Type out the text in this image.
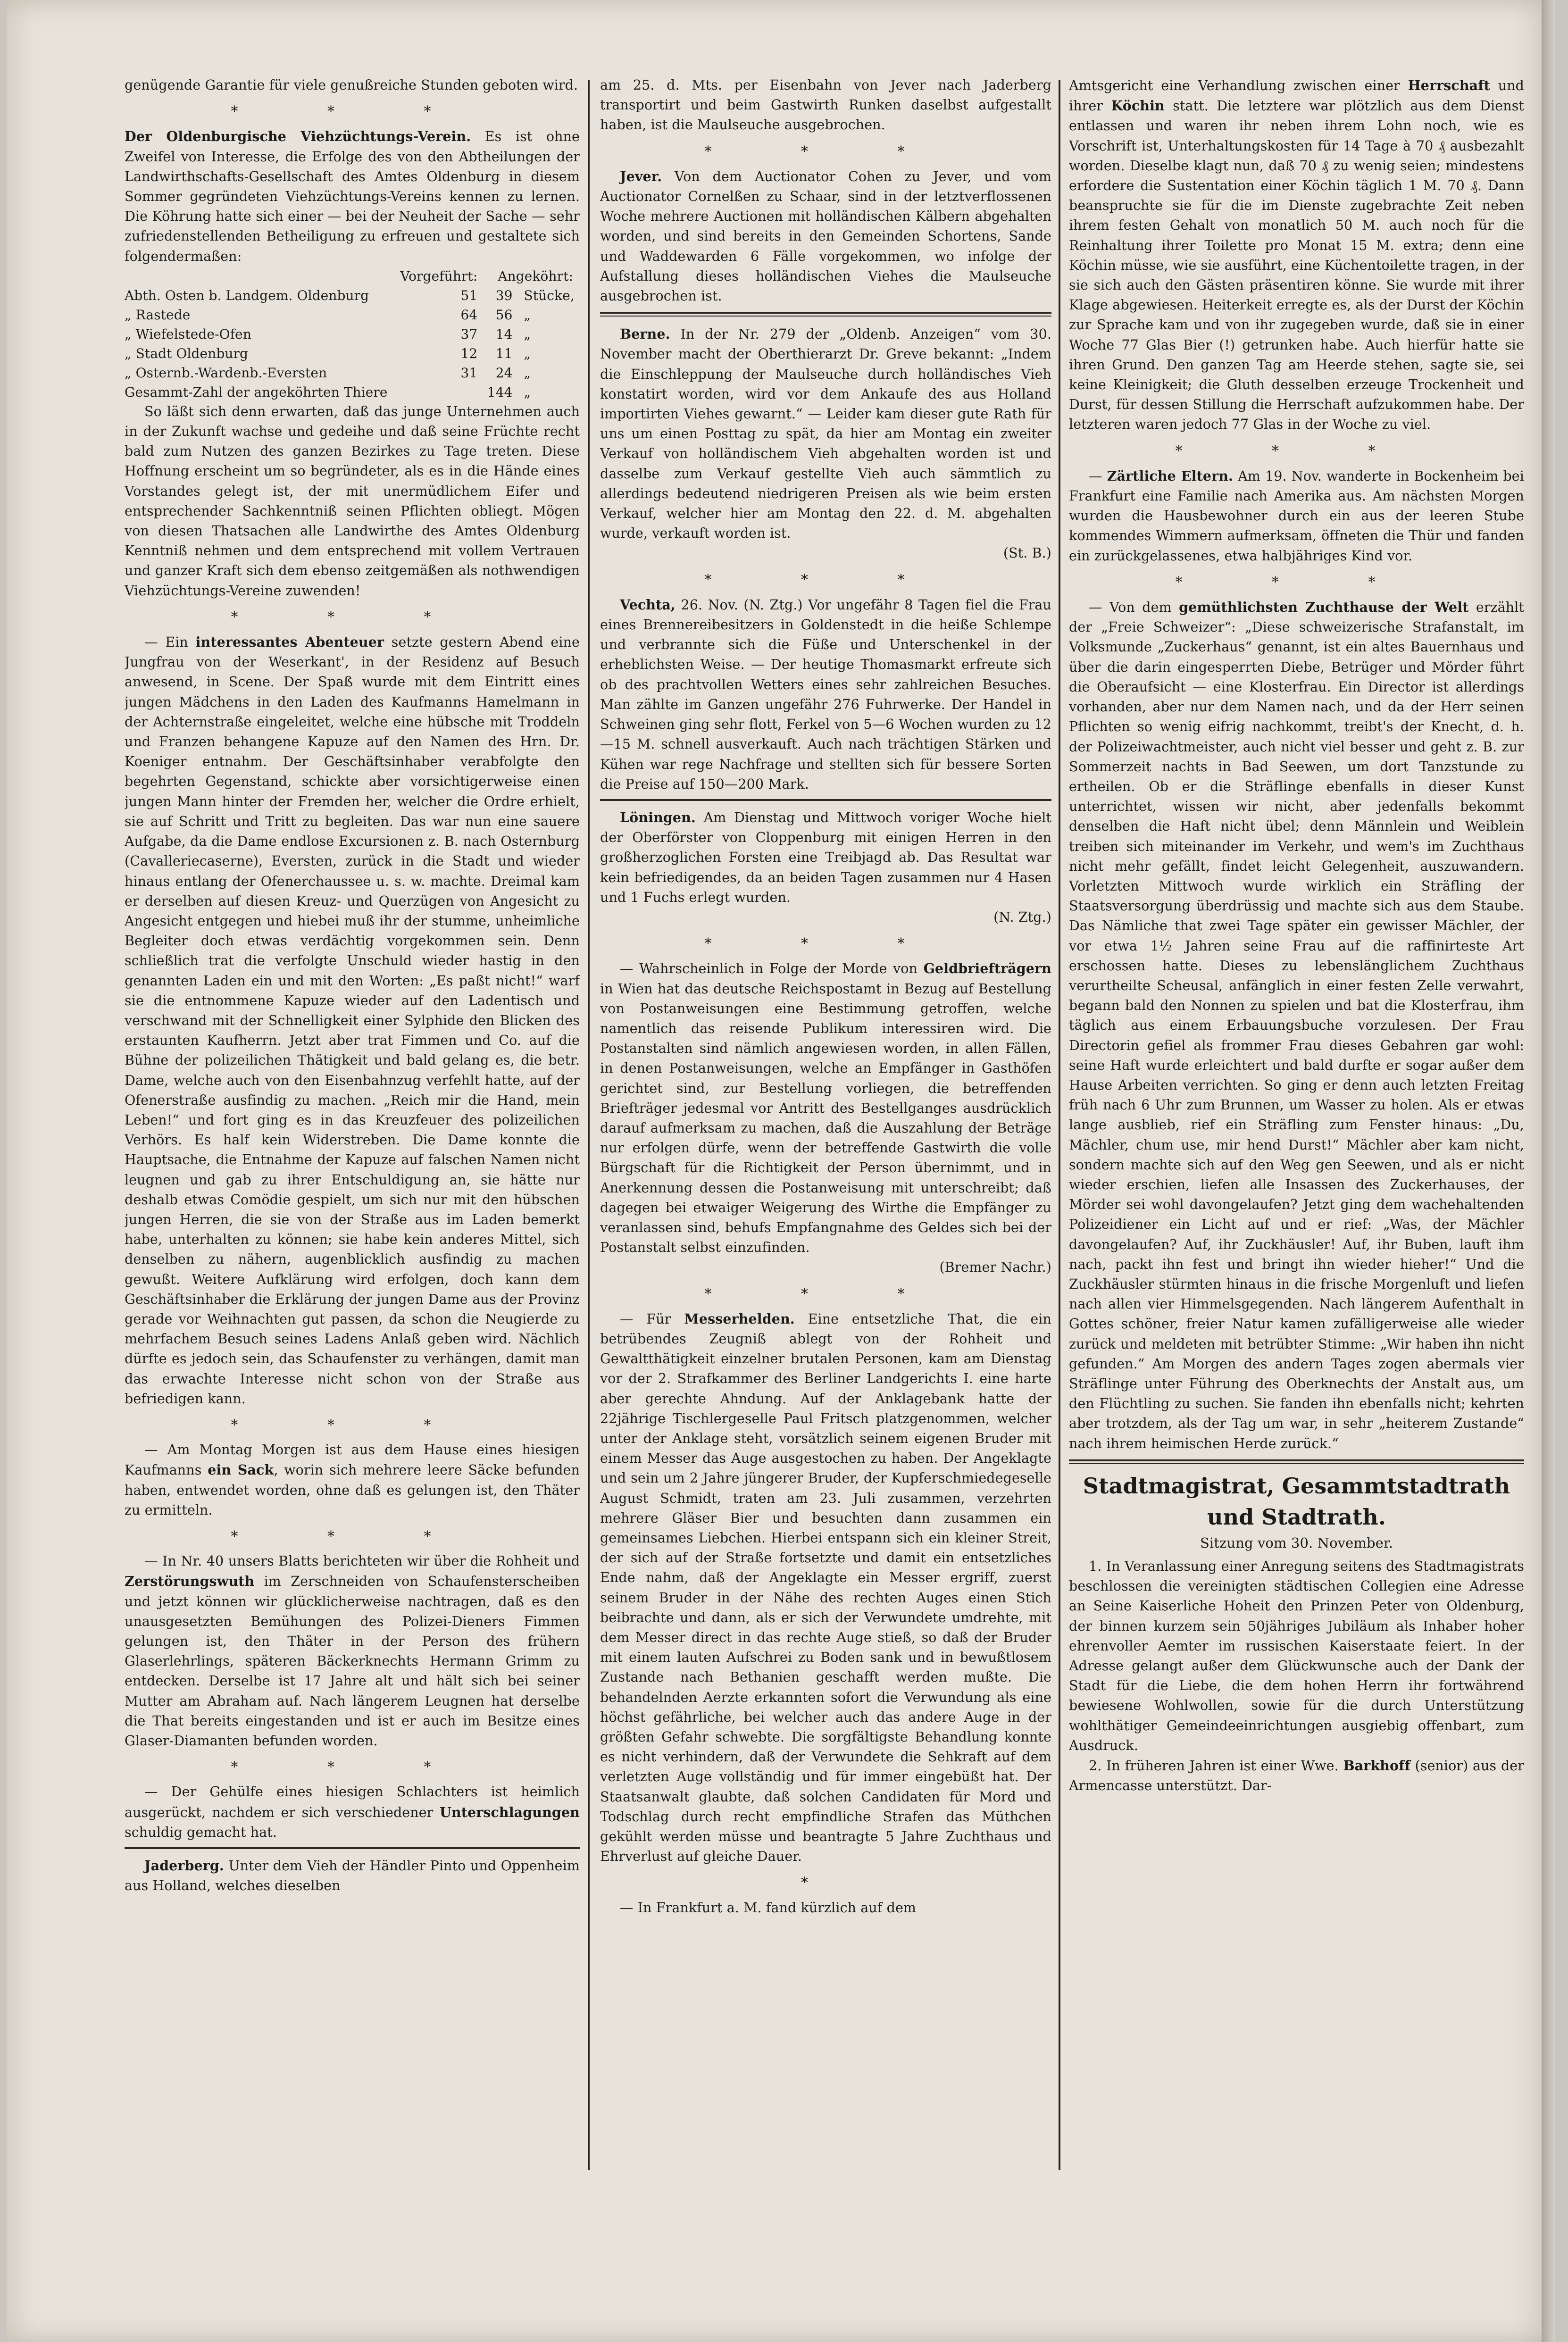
genügende Garantie für viele genußreiche Stunden geboten wird.

* * *

Der Oldenburgische Viehzüchtungs-Verein. Es ist ohne Zweifel von Interesse, die Erfolge des von den Abtheilungen der Landwirthschafts-Gesellschaft des Amtes Oldenburg in diesem Sommer gegründeten Viehzüchtungs-Vereins kennen zu lernen. Die Köhrung hatte sich einer — bei der Neuheit der Sache — sehr zufriedenstellenden Betheiligung zu erfreuen und gestaltete sich folgendermaßen:

	Vorgeführt:	Angeköhrt:	
Abth. Osten b. Landgem. Oldenburg	51	39	Stücke,
„ Rastede	64	56	„
„ Wiefelstede-Ofen	37	14	„
„ Stadt Oldenburg	12	11	„
„ Osternb.-Wardenb.-Eversten	31	24	„
Gesammt-Zahl der angeköhrten Thiere		144	„

So läßt sich denn erwarten, daß das junge Unternehmen auch in der Zukunft wachse und gedeihe und daß seine Früchte recht bald zum Nutzen des ganzen Bezirkes zu Tage treten. Diese Hoffnung erscheint um so begründeter, als es in die Hände eines Vorstandes gelegt ist, der mit unermüdlichem Eifer und entsprechender Sachkenntniß seinen Pflichten obliegt. Mögen von diesen Thatsachen alle Landwirthe des Amtes Oldenburg Kenntniß nehmen und dem entsprechend mit vollem Vertrauen und ganzer Kraft sich dem ebenso zeitgemäßen als nothwendigen Viehzüchtungs-Vereine zuwenden!

* * *

— Ein interessantes Abenteuer setzte gestern Abend eine Jungfrau von der Weserkant', in der Residenz auf Besuch anwesend, in Scene. Der Spaß wurde mit dem Eintritt eines jungen Mädchens in den Laden des Kaufmanns Hamelmann in der Achternstraße eingeleitet, welche eine hübsche mit Troddeln und Franzen behangene Kapuze auf den Namen des Hrn. Dr. Koeniger entnahm. Der Geschäftsinhaber verabfolgte den begehrten Gegenstand, schickte aber vorsichtigerweise einen jungen Mann hinter der Fremden her, welcher die Ordre erhielt, sie auf Schritt und Tritt zu begleiten. Das war nun eine sauere Aufgabe, da die Dame endlose Excursionen z. B. nach Osternburg (Cavalleriecaserne), Eversten, zurück in die Stadt und wieder hinaus entlang der Ofenerchaussee u. s. w. machte. Dreimal kam er derselben auf diesen Kreuz- und Querzügen von Angesicht zu Angesicht entgegen und hiebei muß ihr der stumme, unheimliche Begleiter doch etwas verdächtig vorgekommen sein. Denn schließlich trat die verfolgte Unschuld wieder hastig in den genannten Laden ein und mit den Worten: „Es paßt nicht!“ warf sie die entnommene Kapuze wieder auf den Ladentisch und verschwand mit der Schnelligkeit einer Sylphide den Blicken des erstaunten Kaufherrn. Jetzt aber trat Fimmen und Co. auf die Bühne der polizeilichen Thätigkeit und bald gelang es, die betr. Dame, welche auch von den Eisenbahnzug verfehlt hatte, auf der Ofenerstraße ausfindig zu machen. „Reich mir die Hand, mein Leben!“ und fort ging es in das Kreuzfeuer des polizeilichen Verhörs. Es half kein Widerstreben. Die Dame konnte die Hauptsache, die Entnahme der Kapuze auf falschen Namen nicht leugnen und gab zu ihrer Entschuldigung an, sie hätte nur deshalb etwas Comödie gespielt, um sich nur mit den hübschen jungen Herren, die sie von der Straße aus im Laden bemerkt habe, unterhalten zu können; sie habe kein anderes Mittel, sich denselben zu nähern, augenblicklich ausfindig zu machen gewußt. Weitere Aufklärung wird erfolgen, doch kann dem Geschäftsinhaber die Erklärung der jungen Dame aus der Provinz gerade vor Weihnachten gut passen, da schon die Neugierde zu mehrfachem Besuch seines Ladens Anlaß geben wird. Nächlich dürfte es jedoch sein, das Schaufenster zu verhängen, damit man das erwachte Interesse nicht schon von der Straße aus befriedigen kann.

* * *

— Am Montag Morgen ist aus dem Hause eines hiesigen Kaufmanns ein Sack, worin sich mehrere leere Säcke befunden haben, entwendet worden, ohne daß es gelungen ist, den Thäter zu ermitteln.

* * *

— In Nr. 40 unsers Blatts berichteten wir über die Rohheit und Zerstörungswuth im Zerschneiden von Schaufensterscheiben und jetzt können wir glücklicherweise nachtragen, daß es den unausgesetzten Bemühungen des Polizei-Dieners Fimmen gelungen ist, den Thäter in der Person des frühern Glaserlehrlings, späteren Bäckerknechts Hermann Grimm zu entdecken. Derselbe ist 17 Jahre alt und hält sich bei seiner Mutter am Abraham auf. Nach längerem Leugnen hat derselbe die That bereits eingestanden und ist er auch im Besitze eines Glaser-Diamanten befunden worden.

* * *

— Der Gehülfe eines hiesigen Schlachters ist heimlich ausgerückt, nachdem er sich verschiedener Unterschlagungen schuldig gemacht hat.

Jaderberg. Unter dem Vieh der Händler Pinto und Oppenheim aus Holland, welches dieselben

am 25. d. Mts. per Eisenbahn von Jever nach Jaderberg transportirt und beim Gastwirth Runken daselbst aufgestallt haben, ist die Maulseuche ausgebrochen.

* * *

Jever. Von dem Auctionator Cohen zu Jever, und vom Auctionator Cornelßen zu Schaar, sind in der letztverflossenen Woche mehrere Auctionen mit holländischen Kälbern abgehalten worden, und sind bereits in den Gemeinden Schortens, Sande und Waddewarden 6 Fälle vorgekommen, wo infolge der Aufstallung dieses holländischen Viehes die Maulseuche ausgebrochen ist.

Berne. In der Nr. 279 der „Oldenb. Anzeigen“ vom 30. November macht der Oberthierarzt Dr. Greve bekannt: „Indem die Einschleppung der Maulseuche durch holländisches Vieh konstatirt worden, wird vor dem Ankaufe des aus Holland importirten Viehes gewarnt.“ — Leider kam dieser gute Rath für uns um einen Posttag zu spät, da hier am Montag ein zweiter Verkauf von holländischem Vieh abgehalten worden ist und dasselbe zum Verkauf gestellte Vieh auch sämmtlich zu allerdings bedeutend niedrigeren Preisen als wie beim ersten Verkauf, welcher hier am Montag den 22. d. M. abgehalten wurde, verkauft worden ist.

(St. B.)

* * *

Vechta, 26. Nov. (N. Ztg.) Vor ungefähr 8 Tagen fiel die Frau eines Brennereibesitzers in Goldenstedt in die heiße Schlempe und verbrannte sich die Füße und Unterschenkel in der erheblichsten Weise. — Der heutige Thomasmarkt erfreute sich ob des prachtvollen Wetters eines sehr zahlreichen Besuches. Man zählte im Ganzen ungefähr 276 Fuhrwerke. Der Handel in Schweinen ging sehr flott, Ferkel von 5—6 Wochen wurden zu 12—15 M. schnell ausverkauft. Auch nach trächtigen Stärken und Kühen war rege Nachfrage und stellten sich für bessere Sorten die Preise auf 150—200 Mark.

Löningen. Am Dienstag und Mittwoch voriger Woche hielt der Oberförster von Cloppenburg mit einigen Herren in den großherzoglichen Forsten eine Treibjagd ab. Das Resultat war kein befriedigendes, da an beiden Tagen zusammen nur 4 Hasen und 1 Fuchs erlegt wurden.

(N. Ztg.)

* * *

— Wahrscheinlich in Folge der Morde von Geldbriefträgern in Wien hat das deutsche Reichspostamt in Bezug auf Bestellung von Postanweisungen eine Bestimmung getroffen, welche namentlich das reisende Publikum interessiren wird. Die Postanstalten sind nämlich angewiesen worden, in allen Fällen, in denen Postanweisungen, welche an Empfänger in Gasthöfen gerichtet sind, zur Bestellung vorliegen, die betreffenden Briefträger jedesmal vor Antritt des Bestellganges ausdrücklich darauf aufmerksam zu machen, daß die Auszahlung der Beträge nur erfolgen dürfe, wenn der betreffende Gastwirth die volle Bürgschaft für die Richtigkeit der Person übernimmt, und in Anerkennung dessen die Postanweisung mit unterschreibt; daß dagegen bei etwaiger Weigerung des Wirthe die Empfänger zu veranlassen sind, behufs Empfangnahme des Geldes sich bei der Postanstalt selbst einzufinden.

(Bremer Nachr.)

* * *

— Für Messerhelden. Eine entsetzliche That, die ein betrübendes Zeugniß ablegt von der Rohheit und Gewaltthätigkeit einzelner brutalen Personen, kam am Dienstag vor der 2. Strafkammer des Berliner Landgerichts I. eine harte aber gerechte Ahndung. Auf der Anklagebank hatte der 22jährige Tischlergeselle Paul Fritsch platzgenommen, welcher unter der Anklage steht, vorsätzlich seinem eigenen Bruder mit einem Messer das Auge ausgestochen zu haben. Der Angeklagte und sein um 2 Jahre jüngerer Bruder, der Kupferschmiedegeselle August Schmidt, traten am 23. Juli zusammen, verzehrten mehrere Gläser Bier und besuchten dann zusammen ein gemeinsames Liebchen. Hierbei entspann sich ein kleiner Streit, der sich auf der Straße fortsetzte und damit ein entsetzliches Ende nahm, daß der Angeklagte ein Messer ergriff, zuerst seinem Bruder in der Nähe des rechten Auges einen Stich beibrachte und dann, als er sich der Verwundete umdrehte, mit dem Messer direct in das rechte Auge stieß, so daß der Bruder mit einem lauten Aufschrei zu Boden sank und in bewußtlosem Zustande nach Bethanien geschafft werden mußte. Die behandelnden Aerzte erkannten sofort die Verwundung als eine höchst gefährliche, bei welcher auch das andere Auge in der größten Gefahr schwebte. Die sorgfältigste Behandlung konnte es nicht verhindern, daß der Verwundete die Sehkraft auf dem verletzten Auge vollständig und für immer eingebüßt hat. Der Staatsanwalt glaubte, daß solchen Candidaten für Mord und Todschlag durch recht empfindliche Strafen das Müthchen gekühlt werden müsse und beantragte 5 Jahre Zuchthaus und Ehrverlust auf gleiche Dauer.

*

— In Frankfurt a. M. fand kürzlich auf dem

Amtsgericht eine Verhandlung zwischen einer Herrschaft und ihrer Köchin statt. Die letztere war plötzlich aus dem Dienst entlassen und waren ihr neben ihrem Lohn noch, wie es Vorschrift ist, Unterhaltungskosten für 14 Tage à 70 ₰ ausbezahlt worden. Dieselbe klagt nun, daß 70 ₰ zu wenig seien; mindestens erfordere die Sustentation einer Köchin täglich 1 M. 70 ₰. Dann beanspruchte sie für die im Dienste zugebrachte Zeit neben ihrem festen Gehalt von monatlich 50 M. auch noch für die Reinhaltung ihrer Toilette pro Monat 15 M. extra; denn eine Köchin müsse, wie sie ausführt, eine Küchentoilette tragen, in der sie sich auch den Gästen präsentiren könne. Sie wurde mit ihrer Klage abgewiesen. Heiterkeit erregte es, als der Durst der Köchin zur Sprache kam und von ihr zugegeben wurde, daß sie in einer Woche 77 Glas Bier (!) getrunken habe. Auch hierfür hatte sie ihren Grund. Den ganzen Tag am Heerde stehen, sagte sie, sei keine Kleinigkeit; die Gluth desselben erzeuge Trockenheit und Durst, für dessen Stillung die Herrschaft aufzukommen habe. Der letzteren waren jedoch 77 Glas in der Woche zu viel.

* * *

— Zärtliche Eltern. Am 19. Nov. wanderte in Bockenheim bei Frankfurt eine Familie nach Amerika aus. Am nächsten Morgen wurden die Hausbewohner durch ein aus der leeren Stube kommendes Wimmern aufmerksam, öffneten die Thür und fanden ein zurückgelassenes, etwa halbjähriges Kind vor.

* * *

— Von dem gemüthlichsten Zuchthause der Welt erzählt der „Freie Schweizer“: „Diese schweizerische Strafanstalt, im Volksmunde „Zuckerhaus“ genannt, ist ein altes Bauernhaus und über die darin eingesperrten Diebe, Betrüger und Mörder führt die Oberaufsicht — eine Klosterfrau. Ein Director ist allerdings vorhanden, aber nur dem Namen nach, und da der Herr seinen Pflichten so wenig eifrig nachkommt, treibt's der Knecht, d. h. der Polizeiwachtmeister, auch nicht viel besser und geht z. B. zur Sommerzeit nachts in Bad Seewen, um dort Tanzstunde zu ertheilen. Ob er die Sträflinge ebenfalls in dieser Kunst unterrichtet, wissen wir nicht, aber jedenfalls bekommt denselben die Haft nicht übel; denn Männlein und Weiblein treiben sich miteinander im Verkehr, und wem's im Zuchthaus nicht mehr gefällt, findet leicht Gelegenheit, auszuwandern. Vorletzten Mittwoch wurde wirklich ein Sträfling der Staatsversorgung überdrüssig und machte sich aus dem Staube. Das Nämliche that zwei Tage später ein gewisser Mächler, der vor etwa 1½ Jahren seine Frau auf die raffinirteste Art erschossen hatte. Dieses zu lebenslänglichem Zuchthaus verurtheilte Scheusal, anfänglich in einer festen Zelle verwahrt, begann bald den Nonnen zu spielen und bat die Klosterfrau, ihm täglich aus einem Erbauungsbuche vorzulesen. Der Frau Directorin gefiel als frommer Frau dieses Gebahren gar wohl: seine Haft wurde erleichtert und bald durfte er sogar außer dem Hause Arbeiten verrichten. So ging er denn auch letzten Freitag früh nach 6 Uhr zum Brunnen, um Wasser zu holen. Als er etwas lange ausblieb, rief ein Sträfling zum Fenster hinaus: „Du, Mächler, chum use, mir hend Durst!“ Mächler aber kam nicht, sondern machte sich auf den Weg gen Seewen, und als er nicht wieder erschien, liefen alle Insassen des Zuckerhauses, der Mörder sei wohl davongelaufen? Jetzt ging dem wachehaltenden Polizeidiener ein Licht auf und er rief: „Was, der Mächler davongelaufen? Auf, ihr Zuckhäusler! Auf, ihr Buben, lauft ihm nach, packt ihn fest und bringt ihn wieder hieher!“ Und die Zuckhäusler stürmten hinaus in die frische Morgenluft und liefen nach allen vier Himmelsgegenden. Nach längerem Aufenthalt in Gottes schöner, freier Natur kamen zufälligerweise alle wieder zurück und meldeten mit betrübter Stimme: „Wir haben ihn nicht gefunden.“ Am Morgen des andern Tages zogen abermals vier Sträflinge unter Führung des Oberknechts der Anstalt aus, um den Flüchtling zu suchen. Sie fanden ihn ebenfalls nicht; kehrten aber trotzdem, als der Tag um war, in sehr „heiterem Zustande“ nach ihrem heimischen Herde zurück.“

Stadtmagistrat, Gesammtstadtrath
und Stadtrath.
Sitzung vom 30. November.

1. In Veranlassung einer Anregung seitens des Stadtmagistrats beschlossen die vereinigten städtischen Collegien eine Adresse an Seine Kaiserliche Hoheit den Prinzen Peter von Oldenburg, der binnen kurzem sein 50jähriges Jubiläum als Inhaber hoher ehrenvoller Aemter im russischen Kaiserstaate feiert. In der Adresse gelangt außer dem Glückwunsche auch der Dank der Stadt für die Liebe, die dem hohen Herrn ihr fortwährend bewiesene Wohlwollen, sowie für die durch Unterstützung wohlthätiger Gemeindeeinrichtungen ausgiebig offenbart, zum Ausdruck.

2. In früheren Jahren ist einer Wwe. Barkhoff (senior) aus der Armencasse unterstützt. Dar-
